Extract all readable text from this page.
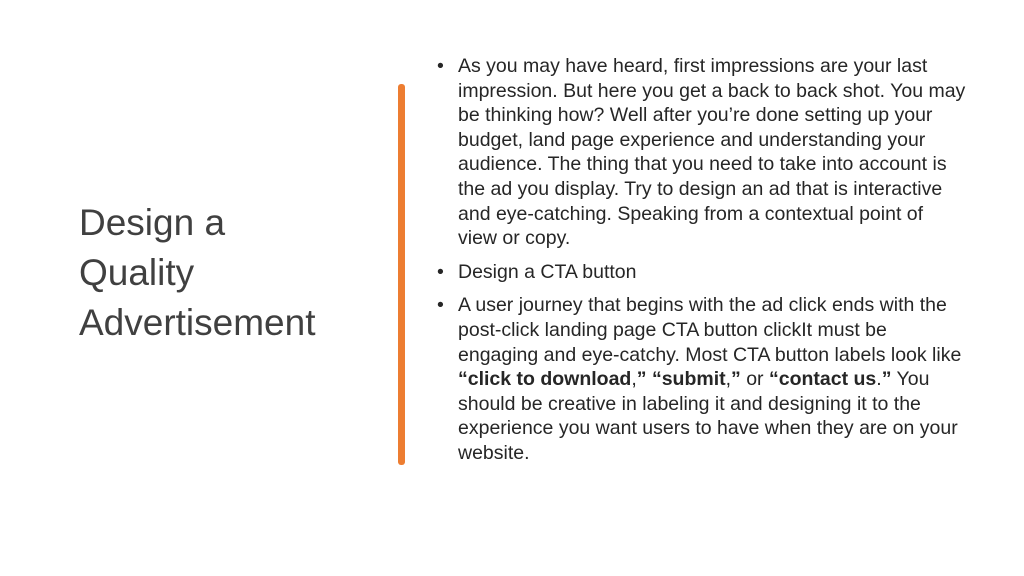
Design a
Quality
Advertisement
• As you may have heard, first impressions are your last impression. But here you get a back to back shot. You may be thinking how? Well after you’re done setting up your budget, land page experience and understanding your audience. The thing that you need to take into account is the ad you display. Try to design an ad that is interactive and eye-catching. Speaking from a contextual point of view or copy.
• Design a CTA button
• A user journey that begins with the ad click ends with the post-click landing page CTA button clickIt must be engaging and eye-catchy. Most CTA button labels look like “click to download,” “submit,” or “contact us.” You should be creative in labeling it and designing it to the experience you want users to have when they are on your website.
